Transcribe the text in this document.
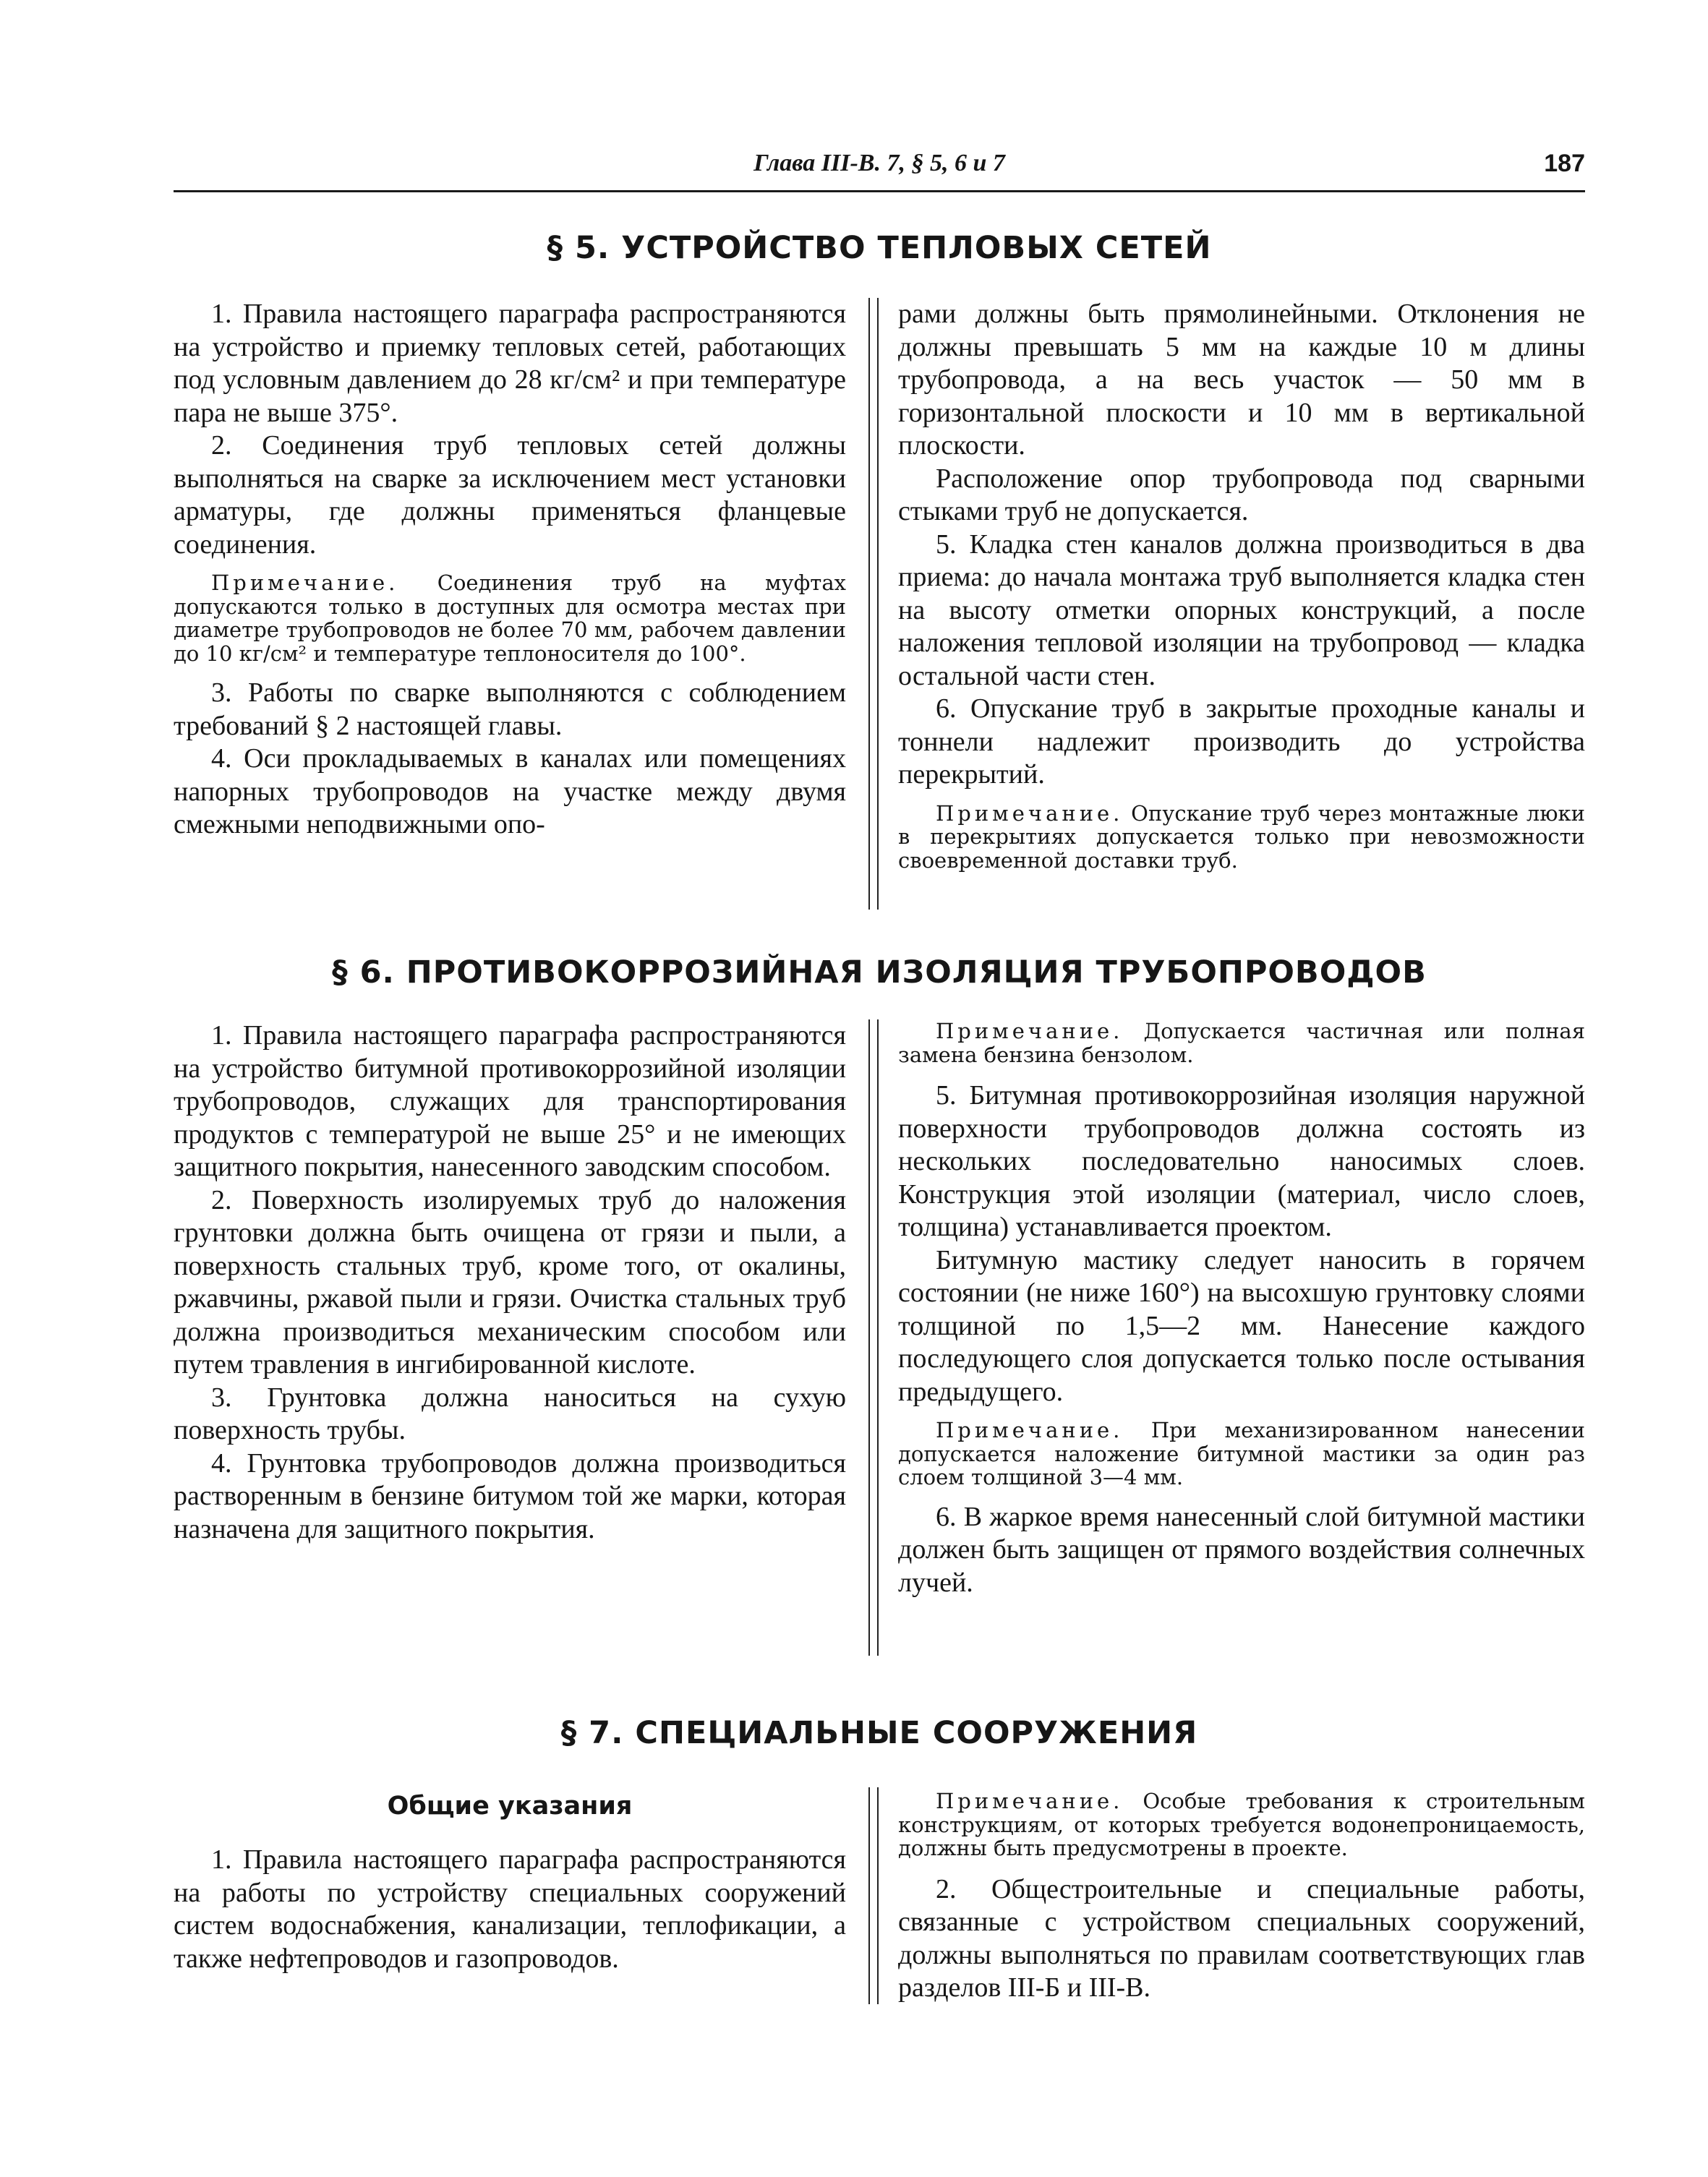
Глава III-В. 7, § 5, 6 и 7	187
§ 5. УСТРОЙСТВО ТЕПЛОВЫХ СЕТЕЙ

1. Правила настоящего параграфа распространяются на устройство и приемку тепловых сетей, работающих под условным давлением до 28 кг/см² и при температуре пара не выше 375°.

2. Соединения труб тепловых сетей должны выполняться на сварке за исключением мест установки арматуры, где должны применяться фланцевые соединения.

Примечание. Соединения труб на муфтах допускаются только в доступных для осмотра местах при диаметре трубопроводов не более 70 мм, рабочем давлении до 10 кг/см² и температуре теплоносителя до 100°.

3. Работы по сварке выполняются с соблюдением требований § 2 настоящей главы.

4. Оси прокладываемых в каналах или помещениях напорных трубопроводов на участке между двумя смежными неподвижными опо-

рами должны быть прямолинейными. Отклонения не должны превышать 5 мм на каждые 10 м длины трубопровода, а на весь участок — 50 мм в горизонтальной плоскости и 10 мм в вертикальной плоскости.

Расположение опор трубопровода под сварными стыками труб не допускается.

5. Кладка стен каналов должна производиться в два приема: до начала монтажа труб выполняется кладка стен на высоту отметки опорных конструкций, а после наложения тепловой изоляции на трубопровод — кладка остальной части стен.

6. Опускание труб в закрытые проходные каналы и тоннели надлежит производить до устройства перекрытий.

Примечание. Опускание труб через монтажные люки в перекрытиях допускается только при невозможности своевременной доставки труб.

§ 6. ПРОТИВОКОРРОЗИЙНАЯ ИЗОЛЯЦИЯ ТРУБОПРОВОДОВ

1. Правила настоящего параграфа распространяются на устройство битумной противокоррозийной изоляции трубопроводов, служащих для транспортирования продуктов с температурой не выше 25° и не имеющих защитного покрытия, нанесенного заводским способом.

2. Поверхность изолируемых труб до наложения грунтовки должна быть очищена от грязи и пыли, а поверхность стальных труб, кроме того, от окалины, ржавчины, ржавой пыли и грязи. Очистка стальных труб должна производиться механическим способом или путем травления в ингибированной кислоте.

3. Грунтовка должна наноситься на сухую поверхность трубы.

4. Грунтовка трубопроводов должна производиться растворенным в бензине битумом той же марки, которая назначена для защитного покрытия.

Примечание. Допускается частичная или полная замена бензина бензолом.

5. Битумная противокоррозийная изоляция наружной поверхности трубопроводов должна состоять из нескольких последовательно наносимых слоев. Конструкция этой изоляции (материал, число слоев, толщина) устанавливается проектом.

Битумную мастику следует наносить в горячем состоянии (не ниже 160°) на высохшую грунтовку слоями толщиной по 1,5—2 мм. Нанесение каждого последующего слоя допускается только после остывания предыдущего.

Примечание. При механизированном нанесении допускается наложение битумной мастики за один раз слоем толщиной 3—4 мм.

6. В жаркое время нанесенный слой битумной мастики должен быть защищен от прямого воздействия солнечных лучей.

§ 7. СПЕЦИАЛЬНЫЕ СООРУЖЕНИЯ
Общие указания

1. Правила настоящего параграфа распространяются на работы по устройству специальных сооружений систем водоснабжения, канализации, теплофикации, а также нефтепроводов и газопроводов.

Примечание. Особые требования к строительным конструкциям, от которых требуется водонепроницаемость, должны быть предусмотрены в проекте.

2. Общестроительные и специальные работы, связанные с устройством специальных сооружений, должны выполняться по правилам соответствующих глав разделов III-Б и III-В.
